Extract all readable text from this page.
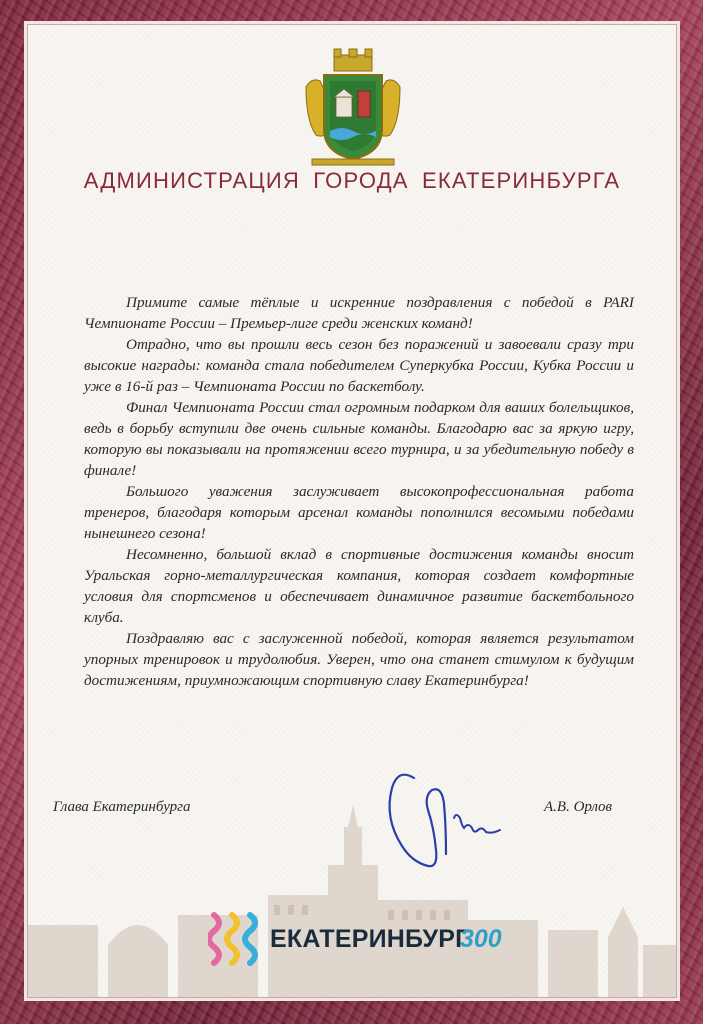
АДМИНИСТРАЦИЯ ГОРОДА ЕКАТЕРИНБУРГА

Примите самые тёплые и искренние поздравления с победой в PARI Чемпионате России – Премьер-лиге среди женских команд!

Отрадно, что вы прошли весь сезон без поражений и завоевали сразу три высокие награды: команда стала победителем Суперкубка России, Кубка России и уже в 16-й раз – Чемпионата России по баскетболу.

Финал Чемпионата России стал огромным подарком для ваших болельщиков, ведь в борьбу вступили две очень сильные команды. Благодарю вас за яркую игру, которую вы показывали на протяжении всего турнира, и за убедительную победу в финале!

Большого уважения заслуживает высокопрофессиональная работа тренеров, благодаря которым арсенал команды пополнился весомыми победами нынешнего сезона!

Несомненно, большой вклад в спортивные достижения команды вносит Уральская горно-металлургическая компания, которая создает комфортные условия для спортсменов и обеспечивает динамичное развитие баскетбольного клуба.

Поздравляю вас с заслуженной победой, которая является результатом упорных тренировок и трудолюбия. Уверен, что она станет стимулом к будущим достижениям, приумножающим спортивную славу Екатеринбурга!

Глава Екатеринбурга	А.В. Орлов
ЕКАТЕРИНБУРГ
300
